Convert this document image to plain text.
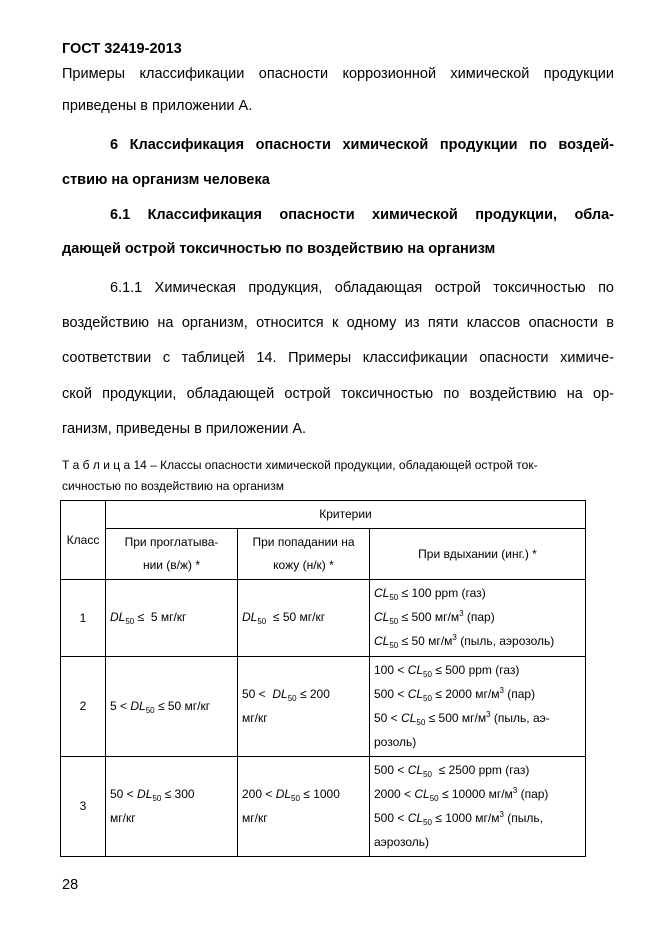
ГОСТ 32419-2013
Примеры классификации опасности коррозионной химической продукции
приведены в приложении А.
6 Классификация опасности химической продукции по воздей-
ствию на организм человека
6.1 Классификация опасности химической продукции, обла-
дающей острой токсичностью по воздействию на организм
6.1.1 Химическая продукция, обладающая острой токсичностью по
воздействию на организм, относится к одному из пяти классов опасности в
соответствии с таблицей 14. Примеры классификации опасности химиче-
ской продукции, обладающей острой токсичностью по воздействию на ор-
ганизм, приведены в приложении А.
Т а б л и ц а 14 – Классы опасности химической продукции, обладающей острой ток-
сичностью по воздействию на организм
Класс	Критерии		
	При проглатыва-
нии (в/ж) *	При попадании на
кожу (н/к) *	При вдыхании (инг.) *
1	$DL_{50} \le 5$ мг/кг	$DL_{50} \le 50$ мг/кг	$CL_{50} \le 100$ ppm (газ)
$CL_{50} \le 500$ $мг/м^3$ (пар)
$CL_{50} \le 50$ $мг/м^3$ (пыль, аэрозоль)
2	$5 < DL_{50} \le 50$ мг/кг	$50 < DL_{50} \le 200$
мг/кг	$100 < CL_{50} \le 500$ ppm (газ)
$500 < CL_{50} \le 2000$ $мг/м^3$ (пар)
$50 < CL_{50} \le 500$ $мг/м^3$ (пыль, аэ-
розоль)
3	$50 < DL_{50} \le 300$
мг/кг	$200 < DL_{50} \le 1000$
мг/кг	$500 < CL_{50} \le 2500$ ppm (газ)
$2000 < CL_{50} \le 10000$ $мг/м^3$ (пар)
$500 < CL_{50} \le 1000$ $мг/м^3$ (пыль,
аэрозоль)
28
